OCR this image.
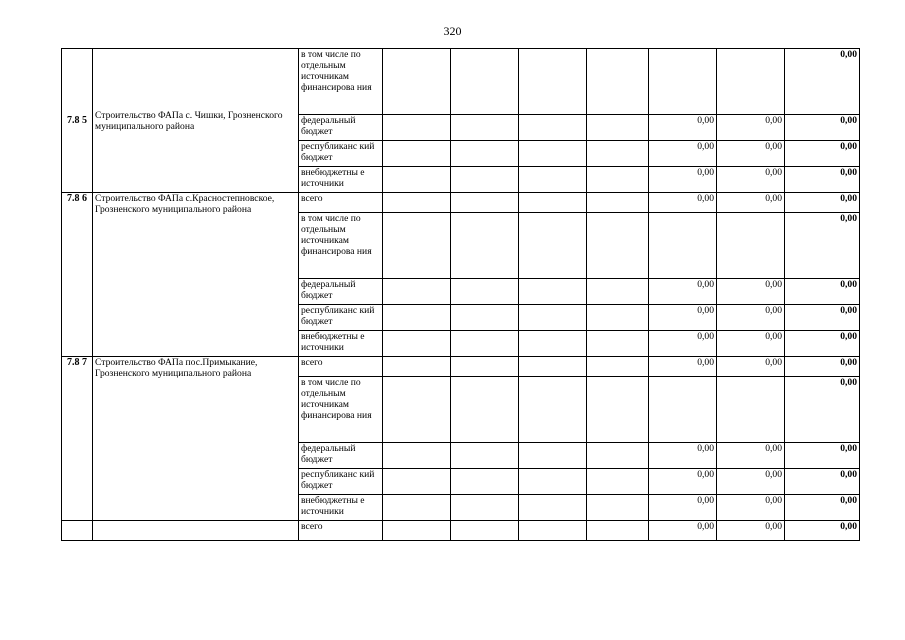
320
7.8 5	Строительство ФАПа с. Чишки, Грозненского муниципального района	в том числе по отдельным источникам финансирова ния							0,00
		федеральный бюджет					0,00	0,00	0,00
		республиканс кий бюджет					0,00	0,00	0,00
		внебюджетны е источники					0,00	0,00	0,00
7.8 6	Строительство ФАПа с.Красностепновское, Грозненского муниципального района	всего					0,00	0,00	0,00
		в том числе по отдельным источникам финансирова ния							0,00
		федеральный бюджет					0,00	0,00	0,00
		республиканс кий бюджет					0,00	0,00	0,00
		внебюджетны е источники					0,00	0,00	0,00
7.8 7	Строительство ФАПа пос.Примыкание, Грозненского муниципального района	всего					0,00	0,00	0,00
		в том числе по отдельным источникам финансирова ния							0,00
		федеральный бюджет					0,00	0,00	0,00
		республиканс кий бюджет					0,00	0,00	0,00
		внебюджетны е источники					0,00	0,00	0,00
		всего					0,00	0,00	0,00
